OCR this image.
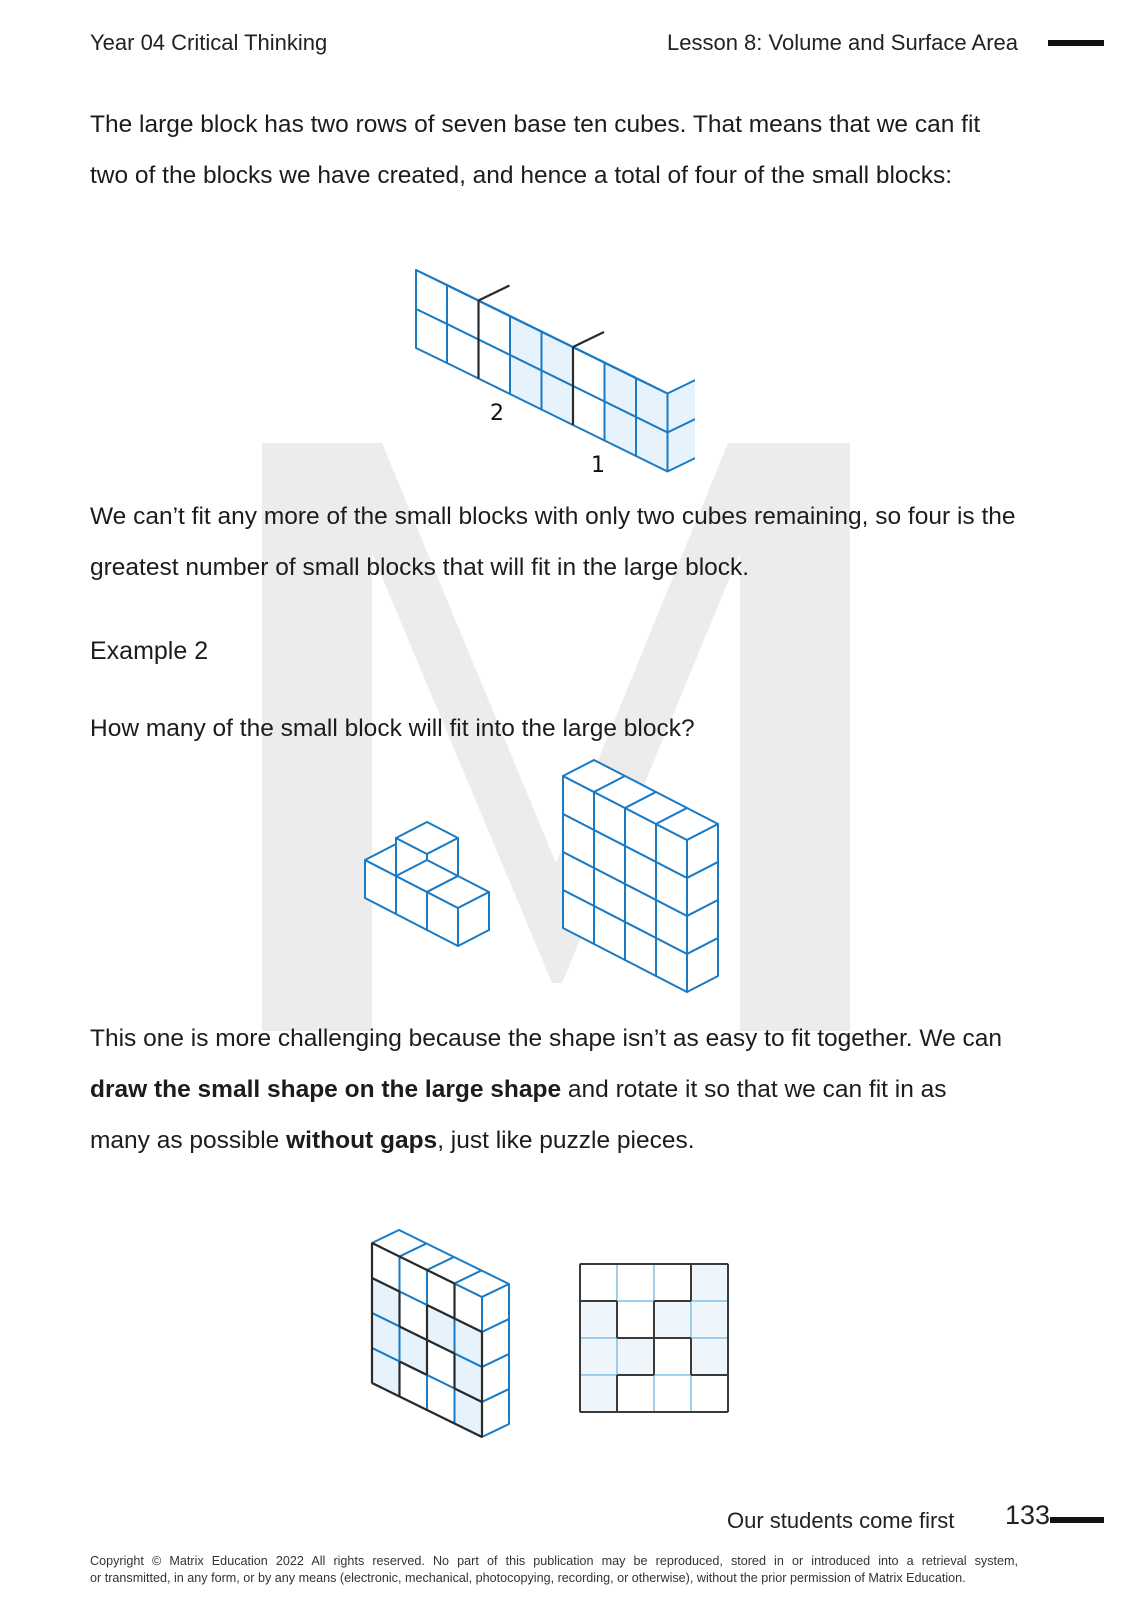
Year 04 Critical Thinking	Lesson 8: Volume and Surface Area
The large block has two rows of seven base ten cubes. That means that we can fit two of the blocks we have created, and hence a total of four of the small blocks:
2
1
We can’t fit any more of the small blocks with only two cubes remaining, so four is the greatest number of small blocks that will fit in the large block.
Example 2
How many of the small block will fit into the large block?
This one is more challenging because the shape isn’t as easy to fit together. We can draw the small shape on the large shape and rotate it so that we can fit in as many as possible without gaps, just like puzzle pieces.
Our students come first 133
Copyright © Matrix Education 2022 All rights reserved. No part of this publication may be reproduced, stored in or introduced into a retrieval system,
or transmitted, in any form, or by any means (electronic, mechanical, photocopying, recording, or otherwise), without the prior permission of Matrix Education.
